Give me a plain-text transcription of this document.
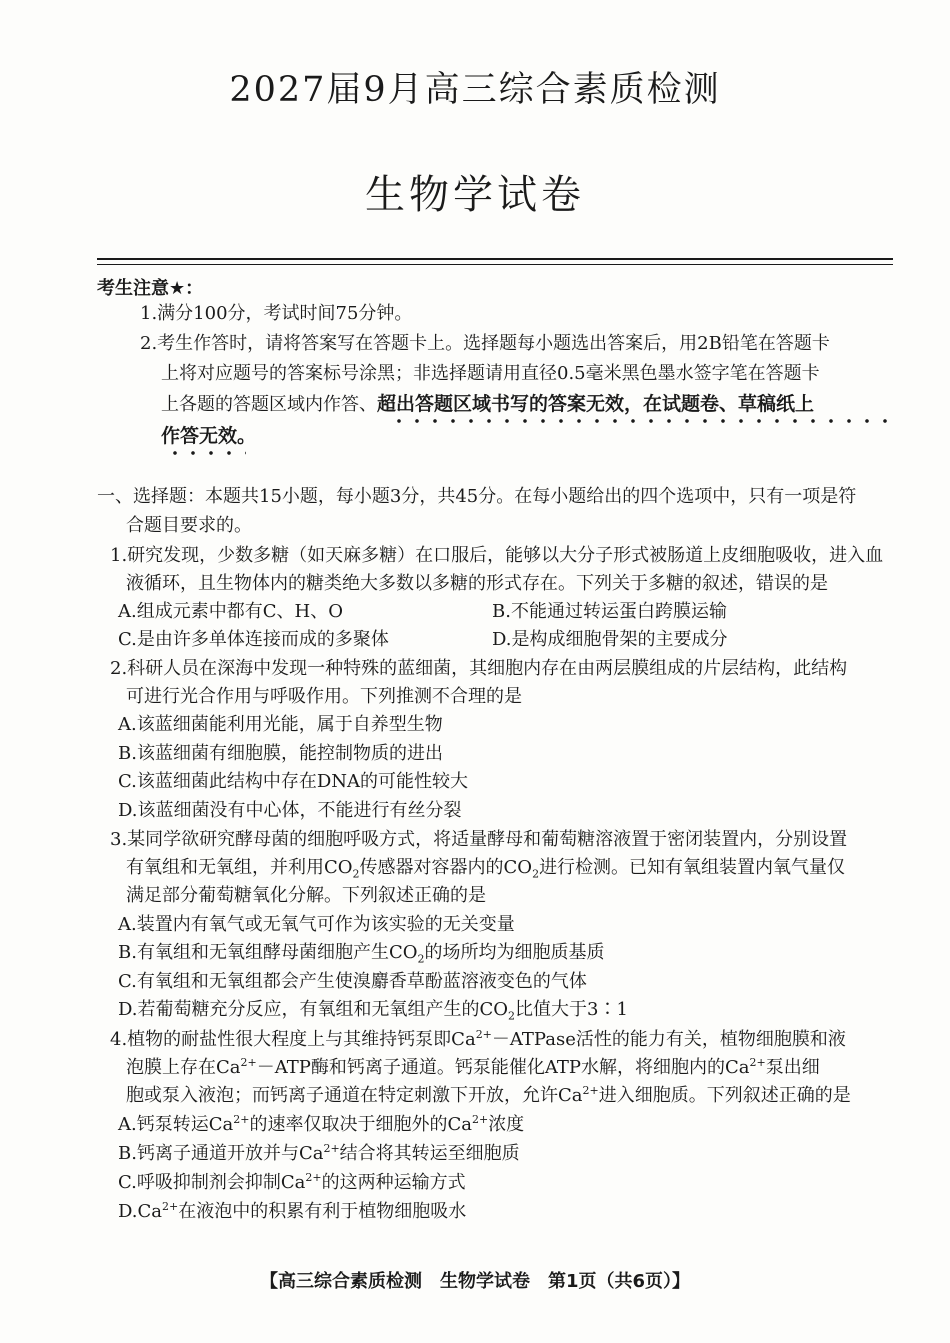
2027届9月高三综合素质检测
生物学试卷
考生注意★：
1.满分100分，考试时间75分钟。
2.考生作答时，请将答案写在答题卡上。选择题每小题选出答案后，用2B铅笔在答题卡
上将对应题号的答案标号涂黑；非选择题请用直径0.5毫米黑色墨水签字笔在答题卡
上各题的答题区域内作答、超出答题区域书写的答案无效，在试题卷、草稿纸上
作答无效。
一、选择题：本题共15小题，每小题3分，共45分。在每小题给出的四个选项中，只有一项是符
合题目要求的。
1.研究发现，少数多糖（如天麻多糖）在口服后，能够以大分子形式被肠道上皮细胞吸收，进入血
液循环，且生物体内的糖类绝大多数以多糖的形式存在。下列关于多糖的叙述，错误的是
A.组成元素中都有C、H、O	B.不能通过转运蛋白跨膜运输
C.是由许多单体连接而成的多聚体	D.是构成细胞骨架的主要成分
2.科研人员在深海中发现一种特殊的蓝细菌，其细胞内存在由两层膜组成的片层结构，此结构
可进行光合作用与呼吸作用。下列推测不合理的是
A.该蓝细菌能利用光能，属于自养型生物
B.该蓝细菌有细胞膜，能控制物质的进出
C.该蓝细菌此结构中存在DNA的可能性较大
D.该蓝细菌没有中心体，不能进行有丝分裂
3.某同学欲研究酵母菌的细胞呼吸方式，将适量酵母和葡萄糖溶液置于密闭装置内，分别设置
有氧组和无氧组，并利用$CO_2$传感器对容器内的$CO_2$进行检测。已知有氧组装置内氧气量仅
满足部分葡萄糖氧化分解。下列叙述正确的是
A.装置内有氧气或无氧气可作为该实验的无关变量
B.有氧组和无氧组酵母菌细胞产生$CO_2$的场所均为细胞质基质
C.有氧组和无氧组都会产生使溴麝香草酚蓝溶液变色的气体
D.若葡萄糖充分反应，有氧组和无氧组产生的$CO_2$比值大于3∶1
4.植物的耐盐性很大程度上与其维持钙泵即$Ca^{2+}-ATPase$活性的能力有关，植物细胞膜和液
泡膜上存在$Ca^{2+}-ATP$酶和钙离子通道。钙泵能催化ATP水解，将细胞内的$Ca^{2+}$泵出细
胞或泵入液泡；而钙离子通道在特定刺激下开放，允许$Ca^{2+}$进入细胞质。下列叙述正确的是
A.钙泵转运$Ca^{2+}$的速率仅取决于细胞外的$Ca^{2+}$浓度
B.钙离子通道开放并与$Ca^{2+}$结合将其转运至细胞质
C.呼吸抑制剂会抑制$Ca^{2+}$的这两种运输方式
$D.Ca^{2+}$在液泡中的积累有利于植物细胞吸水
【高三综合素质检测　生物学试卷　第1页（共6页）】
